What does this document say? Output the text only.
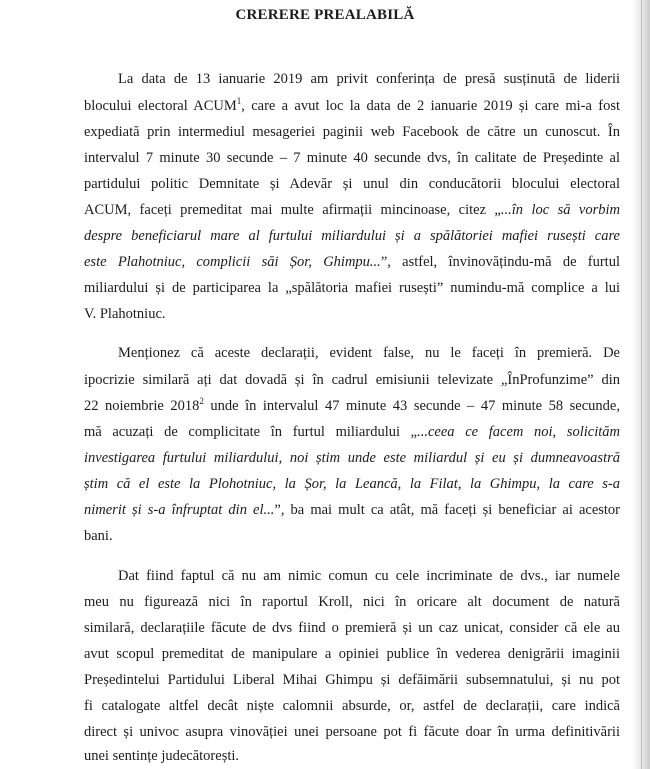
CRERERE PREALABILĂ
La data de 13 ianuarie 2019 am privit conferința de presă susținută de liderii
blocului electoral ACUM$^1$, care a avut loc la data de 2 ianuarie 2019 și care mi-a fost
expediată prin intermediul mesageriei paginii web Facebook de către un cunoscut. În
intervalul 7 minute 30 secunde – 7 minute 40 secunde dvs, în calitate de Președinte al
partidului politic Demnitate și Adevăr și unul din conducătorii blocului electoral
ACUM, faceți premeditat mai multe afirmații mincinoase, citez „...în loc să vorbim
despre beneficiarul mare al furtului miliardului și a spălătoriei mafiei rusești care
este Plahotniuc, complicii săi Șor, Ghimpu...”, astfel, învinovățindu-mă de furtul
miliardului și de participarea la „spălătoria mafiei rusești” numindu-mă complice a lui
V. Plahotniuc.
Menționez că aceste declarații, evident false, nu le faceți în premieră. De
ipocrizie similară ați dat dovadă și în cadrul emisiunii televizate „ÎnProfunzime” din
22 noiembrie 2018$^2$ unde în intervalul 47 minute 43 secunde – 47 minute 58 secunde,
mă acuzați de complicitate în furtul miliardului „...ceea ce facem noi, solicităm
investigarea furtului miliardului, noi știm unde este miliardul și eu și dumneavoastră
știm că el este la Plohotniuc, la Șor, la Leancă, la Filat, la Ghimpu, la care s-a
nimerit și s-a înfruptat din el...”, ba mai mult ca atât, mă faceți și beneficiar ai acestor
bani.
Dat fiind faptul că nu am nimic comun cu cele incriminate de dvs., iar numele
meu nu figurează nici în raportul Kroll, nici în oricare alt document de natură
similară, declarațiile făcute de dvs fiind o premieră și un caz unicat, consider că ele au
avut scopul premeditat de manipulare a opiniei publice în vederea denigrării imaginii
Președintelui Partidului Liberal Mihai Ghimpu și defăimării subsemnatului, și nu pot
fi catalogate altfel decât niște calomnii absurde, or, astfel de declarații, care indică
direct și univoc asupra vinovăției unei persoane pot fi făcute doar în urma definitivării
unei sentințe judecătorești.
